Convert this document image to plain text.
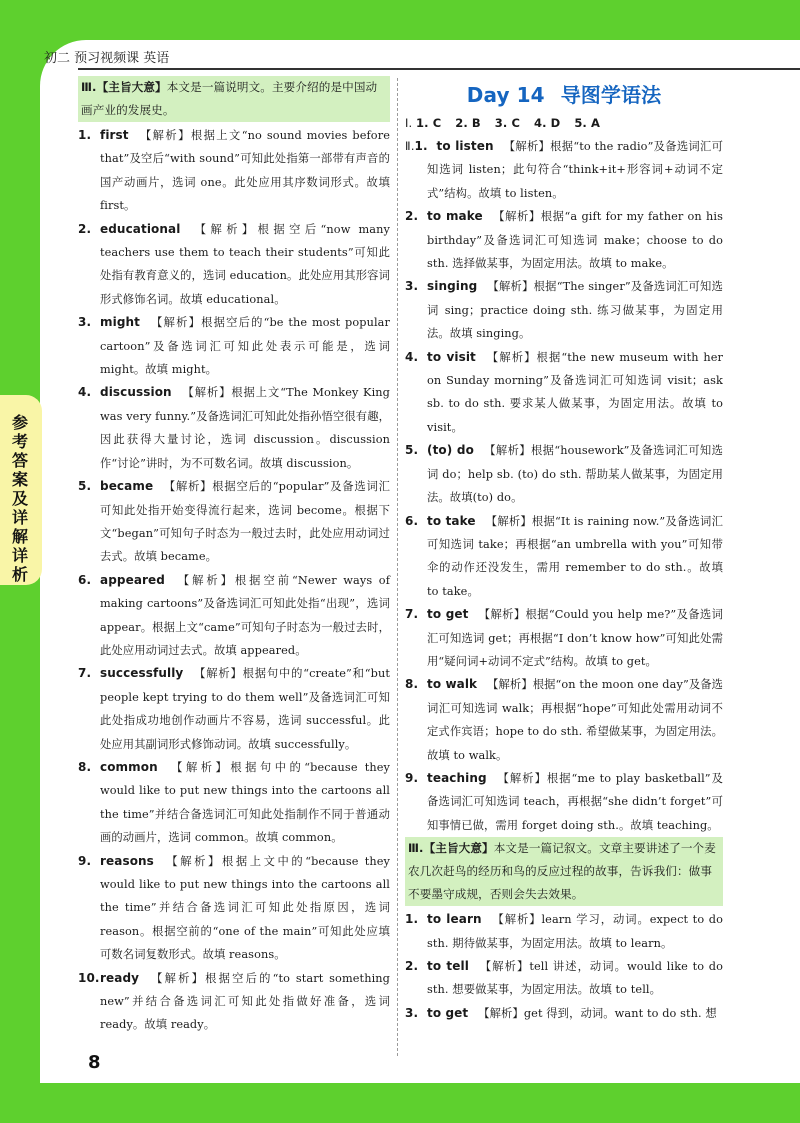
初二 预习视频课 英语
参考答案及详解详析
Ⅲ.【主旨大意】本文是一篇说明文。主要介绍的是中国动画产业的发展史。

1. first 【解析】根据上文“no sound movies before that”及空后“with sound”可知此处指第一部带有声音的国产动画片，选词 one。此处应用其序数词形式。故填 first。

2. educational 【解析】根据空后“now many teachers use them to teach their students”可知此处指有教育意义的，选词 education。此处应用其形容词形式修饰名词。故填 educational。

3. might 【解析】根据空后的“be the most popular cartoon”及备选词汇可知此处表示可能是，选词 might。故填 might。

4. discussion 【解析】根据上文“The Monkey King was very funny.”及备选词汇可知此处指孙悟空很有趣，因此获得大量讨论，选词 discussion。discussion 作“讨论”讲时，为不可数名词。故填 discussion。

5. became 【解析】根据空后的“popular”及备选词汇可知此处指开始变得流行起来，选词 become。根据下文“began”可知句子时态为一般过去时，此处应用动词过去式。故填 became。

6. appeared 【解析】根据空前“Newer ways of making cartoons”及备选词汇可知此处指“出现”，选词 appear。根据上文“came”可知句子时态为一般过去时，此处应用动词过去式。故填 appeared。

7. successfully 【解析】根据句中的“create”和“but people kept trying to do them well”及备选词汇可知此处指成功地创作动画片不容易，选词 successful。此处应用其副词形式修饰动词。故填 successfully。

8. common 【解析】根据句中的“because they would like to put new things into the cartoons all the time”并结合备选词汇可知此处指制作不同于普通动画的动画片，选词 common。故填 common。

9. reasons 【解析】根据上文中的“because they would like to put new things into the cartoons all the time”并结合备选词汇可知此处指原因，选词 reason。根据空前的“one of the main”可知此处应填可数名词复数形式。故填 reasons。

10.ready 【解析】根据空后的“to start something new”并结合备选词汇可知此处指做好准备，选词 ready。故填 ready。

Day 14 导图学语法
Ⅰ. 1. C 2. B 3. C 4. D 5. A

Ⅱ.1. to listen 【解析】根据“to the radio”及备选词汇可知选词 listen；此句符合“think+it+形容词+动词不定式”结构。故填 to listen。

2. to make 【解析】根据“a gift for my father on his birthday”及备选词汇可知选词 make；choose to do sth. 选择做某事，为固定用法。故填 to make。

3. singing 【解析】根据“The singer”及备选词汇可知选词 sing；practice doing sth. 练习做某事，为固定用法。故填 singing。

4. to visit 【解析】根据“the new museum with her on Sunday morning”及备选词汇可知选词 visit；ask sb. to do sth. 要求某人做某事，为固定用法。故填 to visit。

5. (to) do 【解析】根据“housework”及备选词汇可知选词 do；help sb. (to) do sth. 帮助某人做某事，为固定用法。故填(to) do。

6. to take 【解析】根据“It is raining now.”及备选词汇可知选词 take；再根据“an umbrella with you”可知带伞的动作还没发生，需用 remember to do sth.。故填 to take。

7. to get 【解析】根据“Could you help me?”及备选词汇可知选词 get；再根据“I don’t know how”可知此处需用“疑问词+动词不定式”结构。故填 to get。

8. to walk 【解析】根据“on the moon one day”及备选词汇可知选词 walk；再根据“hope”可知此处需用动词不定式作宾语；hope to do sth. 希望做某事，为固定用法。故填 to walk。

9. teaching 【解析】根据“me to play basketball”及备选词汇可知选词 teach，再根据“she didn’t forget”可知事情已做，需用 forget doing sth.。故填 teaching。

Ⅲ.【主旨大意】本文是一篇记叙文。文章主要讲述了一个麦农几次赶鸟的经历和鸟的反应过程的故事，告诉我们：做事不要墨守成规，否则会失去效果。

1. to learn 【解析】learn 学习，动词。expect to do sth. 期待做某事，为固定用法。故填 to learn。

2. to tell 【解析】tell 讲述，动词。would like to do sth. 想要做某事，为固定用法。故填 to tell。

3. to get 【解析】get 得到，动词。want to do sth. 想

8
